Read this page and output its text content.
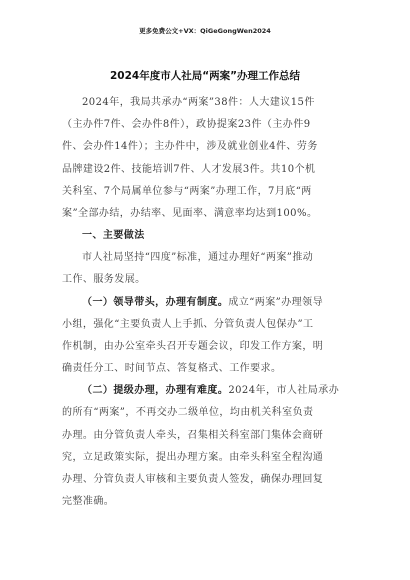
更多免费公文+VX：QiGeGongWen2024
2024年度市人社局“两案”办理工作总结
2024年，我局共承办“两案”38件：人大建议15件
（主办件7件、会办件8件），政协提案23件（主办件9
件、会办件14件）；主办件中，涉及就业创业4件、劳务
品牌建设2件、技能培训7件、人才发展3件。共10个机
关科室、7个局属单位参与“两案”办理工作，7月底“两
案”全部办结，办结率、见面率、满意率均达到100%。
一、主要做法
市人社局坚持“四度”标准，通过办理好“两案”推动
工作、服务发展。
（一）领导带头，办理有制度。成立“两案”办理领导
小组，强化“主要负责人上手抓、分管负责人包保办”工
作机制，由办公室牵头召开专题会议，印发工作方案，明
确责任分工、时间节点、答复格式、工作要求。
（二）提级办理，办理有难度。2024年，市人社局承办
的所有“两案”，不再交办二级单位，均由机关科室负责
办理。由分管负责人牵头，召集相关科室部门集体会商研
究，立足政策实际，提出办理方案。由牵头科室全程沟通
办理、分管负责人审核和主要负责人签发，确保办理回复
完整准确。
